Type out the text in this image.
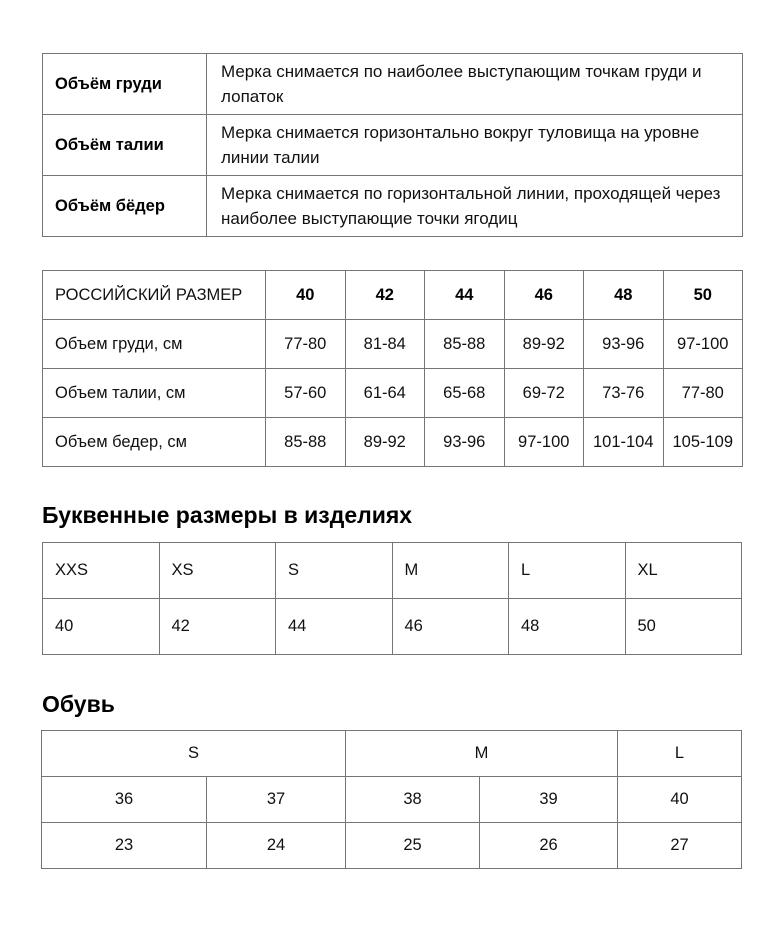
Объём груди	Мерка снимается по наиболее выступающим точкам груди и
лопаток

Объём талии	Мерка снимается горизонтально вокруг туловища на уровне
линии талии

Объём бёдер	Мерка снимается по горизонтальной линии, проходящей через
наиболее выступающие точки ягодиц
РОССИЙСКИЙ РАЗМЕР	40	42	44	46	48	50
Объем груди, см	77-80	81-84	85-88	89-92	93-96	97-100
Объем талии, см	57-60	61-64	65-68	69-72	73-76	77-80
Объем бедер, см	85-88	89-92	93-96	97-100	101-104	105-109
Буквенные размеры в изделиях
XXS	XS	S	M	L	XL
40	42	44	46	48	50
Обувь
S		M		L
36	37	38	39	40
23	24	25	26	27
